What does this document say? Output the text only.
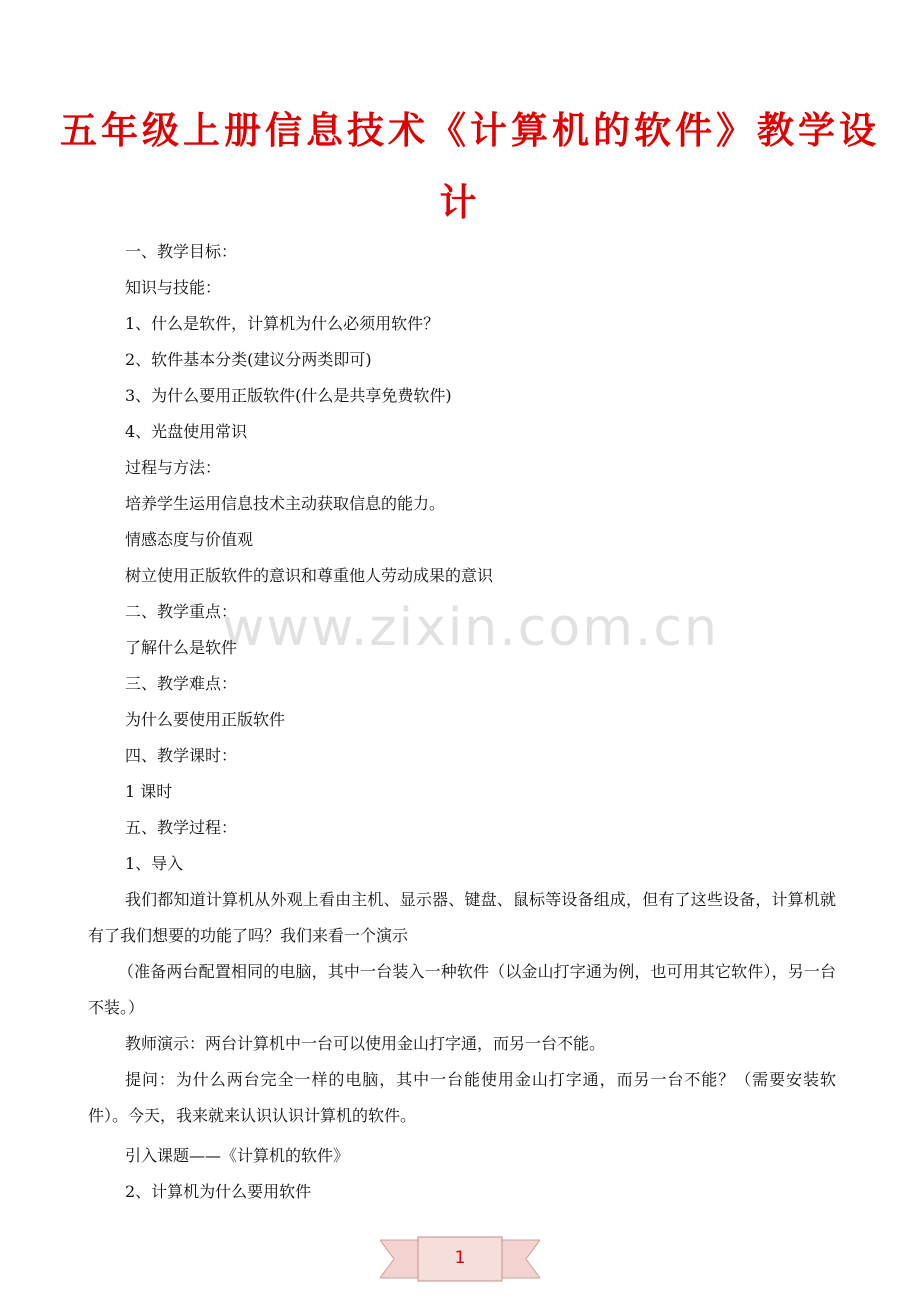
五年级上册信息技术《计算机的软件》教学设
计
www.zixin.com.cn
一、教学目标：
知识与技能：
1、什么是软件，计算机为什么必须用软件？
2、软件基本分类(建议分两类即可)
3、为什么要用正版软件(什么是共享免费软件)
4、光盘使用常识
过程与方法：
培养学生运用信息技术主动获取信息的能力。
情感态度与价值观
树立使用正版软件的意识和尊重他人劳动成果的意识
二、教学重点：
了解什么是软件
三、教学难点：
为什么要使用正版软件
四、教学课时：
1 课时
五、教学过程：
1、导入
我们都知道计算机从外观上看由主机、显示器、键盘、鼠标等设备组成，但有了这些设备，计算机就有了我们想要的功能了吗？我们来看一个演示
（准备两台配置相同的电脑，其中一台装入一种软件（以金山打字通为例，也可用其它软件），另一台不装。）
教师演示：两台计算机中一台可以使用金山打字通，而另一台不能。
提问：为什么两台完全一样的电脑，其中一台能使用金山打字通，而另一台不能？（需要安装软件）。今天，我来就来认识认识计算机的软件。
引入课题——《计算机的软件》
2、计算机为什么要用软件
1
